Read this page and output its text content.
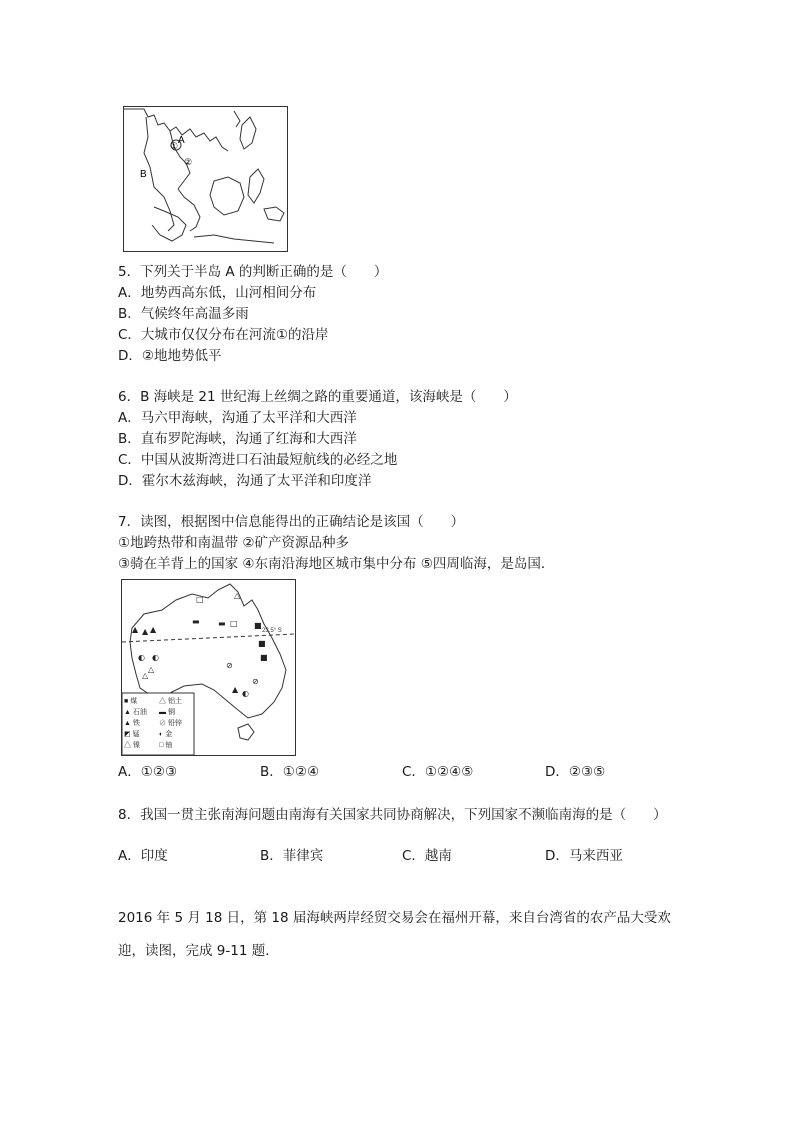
① A
B
②
5．下列关于半岛 A 的判断正确的是（　　）
A．地势西高东低，山河相间分布
B．气候终年高温多雨
C．大城市仅仅分布在河流①的沿岸
D．②地地势低平
6．B 海峡是 21 世纪海上丝绸之路的重要通道，该海峡是（　　）
A．马六甲海峡，沟通了太平洋和大西洋
B．直布罗陀海峡，沟通了红海和大西洋
C．中国从波斯湾进口石油最短航线的必经之地
D．霍尔木兹海峡，沟通了太平洋和印度洋
7．读图，根据图中信息能得出的正确结论是该国（　　）
①地跨热带和南温带 ②矿产资源品种多
③骑在羊背上的国家 ④东南沿海地区城市集中分布 ⑤四周临海，是岛国．
23.5° S
□	△
▬ ▬ □ ■
▲ ▲ ▲
■
◐ ◐
⊘
■
△
△
⊘
◐
▲
■ 煤	△ 铝土
▲ 石油	▬ 铜
▲ 铁	⊘ 铅锌
◩ 锰	◐ 金
△ 镍	□ 铀
A．①②③	B．①②④	C．①②④⑤	D．②③⑤
8．我国一贯主张南海问题由南海有关国家共同协商解决，下列国家不濒临南海的是（　　）
A．印度	B．菲律宾	C．越南	D．马来西亚
2016 年 5 月 18 日，第 18 届海峡两岸经贸交易会在福州开幕，来自台湾省的农产品大受欢
迎，读图，完成 9-11 题．
